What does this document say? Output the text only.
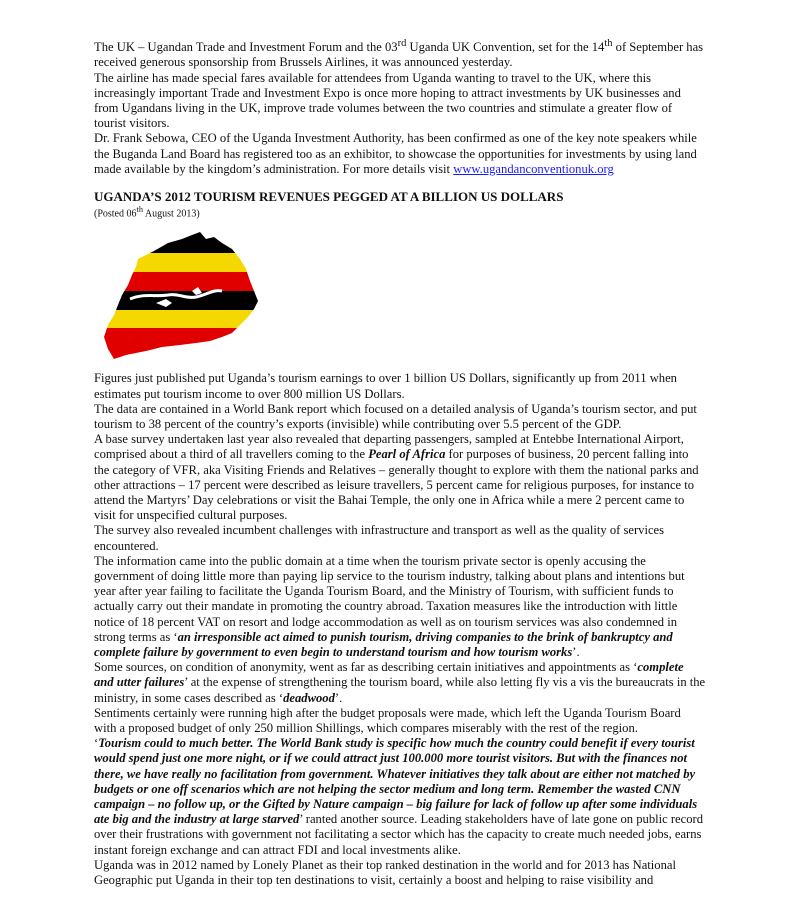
The UK – Ugandan Trade and Investment Forum and the 03rd Uganda UK Convention, set for the 14th of September has received generous sponsorship from Brussels Airlines, it was announced yesterday.

The airline has made special fares available for attendees from Uganda wanting to travel to the UK, where this increasingly important Trade and Investment Expo is once more hoping to attract investments by UK businesses and from Ugandans living in the UK, improve trade volumes between the two countries and stimulate a greater flow of tourist visitors.

Dr. Frank Sebowa, CEO of the Uganda Investment Authority, has been confirmed as one of the key note speakers while the Buganda Land Board has registered too as an exhibitor, to showcase the opportunities for investments by using land made available by the kingdom’s administration. For more details visit www.ugandanconventionuk.org

UGANDA’S 2012 TOURISM REVENUES PEGGED AT A BILLION US DOLLARS

(Posted 06th August 2013)

Figures just published put Uganda’s tourism earnings to over 1 billion US Dollars, significantly up from 2011 when estimates put tourism income to over 800 million US Dollars.

The data are contained in a World Bank report which focused on a detailed analysis of Uganda’s tourism sector, and put tourism to 38 percent of the country’s exports (invisible) while contributing over 5.5 percent of the GDP.

A base survey undertaken last year also revealed that departing passengers, sampled at Entebbe International Airport, comprised about a third of all travellers coming to the Pearl of Africa for purposes of business, 20 percent falling into the category of VFR, aka Visiting Friends and Relatives – generally thought to explore with them the national parks and other attractions – 17 percent were described as leisure travellers, 5 percent came for religious purposes, for instance to attend the Martyrs’ Day celebrations or visit the Bahai Temple, the only one in Africa while a mere 2 percent came to visit for unspecified cultural purposes.

The survey also revealed incumbent challenges with infrastructure and transport as well as the quality of services encountered.

The information came into the public domain at a time when the tourism private sector is openly accusing the government of doing little more than paying lip service to the tourism industry, talking about plans and intentions but year after year failing to facilitate the Uganda Tourism Board, and the Ministry of Tourism, with sufficient funds to actually carry out their mandate in promoting the country abroad. Taxation measures like the introduction with little notice of 18 percent VAT on resort and lodge accommodation as well as on tourism services was also condemned in strong terms as ‘an irresponsible act aimed to punish tourism, driving companies to the brink of bankruptcy and complete failure by government to even begin to understand tourism and how tourism works’.

Some sources, on condition of anonymity, went as far as describing certain initiatives and appointments as ‘complete and utter failures’ at the expense of strengthening the tourism board, while also letting fly vis a vis the bureaucrats in the ministry, in some cases described as ‘deadwood’.

Sentiments certainly were running high after the budget proposals were made, which left the Uganda Tourism Board with a proposed budget of only 250 million Shillings, which compares miserably with the rest of the region.

‘Tourism could to much better. The World Bank study is specific how much the country could benefit if every tourist would spend just one more night, or if we could attract just 100.000 more tourist visitors. But with the finances not there, we have really no facilitation from government. Whatever initiatives they talk about are either not matched by budgets or one off scenarios which are not helping the sector medium and long term. Remember the wasted CNN campaign – no follow up, or the Gifted by Nature campaign – big failure for lack of follow up after some individuals ate big and the industry at large starved’ ranted another source. Leading stakeholders have of late gone on public record over their frustrations with government not facilitating a sector which has the capacity to create much needed jobs, earns instant foreign exchange and can attract FDI and local investments alike.

Uganda was in 2012 named by Lonely Planet as their top ranked destination in the world and for 2013 has National Geographic put Uganda in their top ten destinations to visit, certainly a boost and helping to raise visibility and
